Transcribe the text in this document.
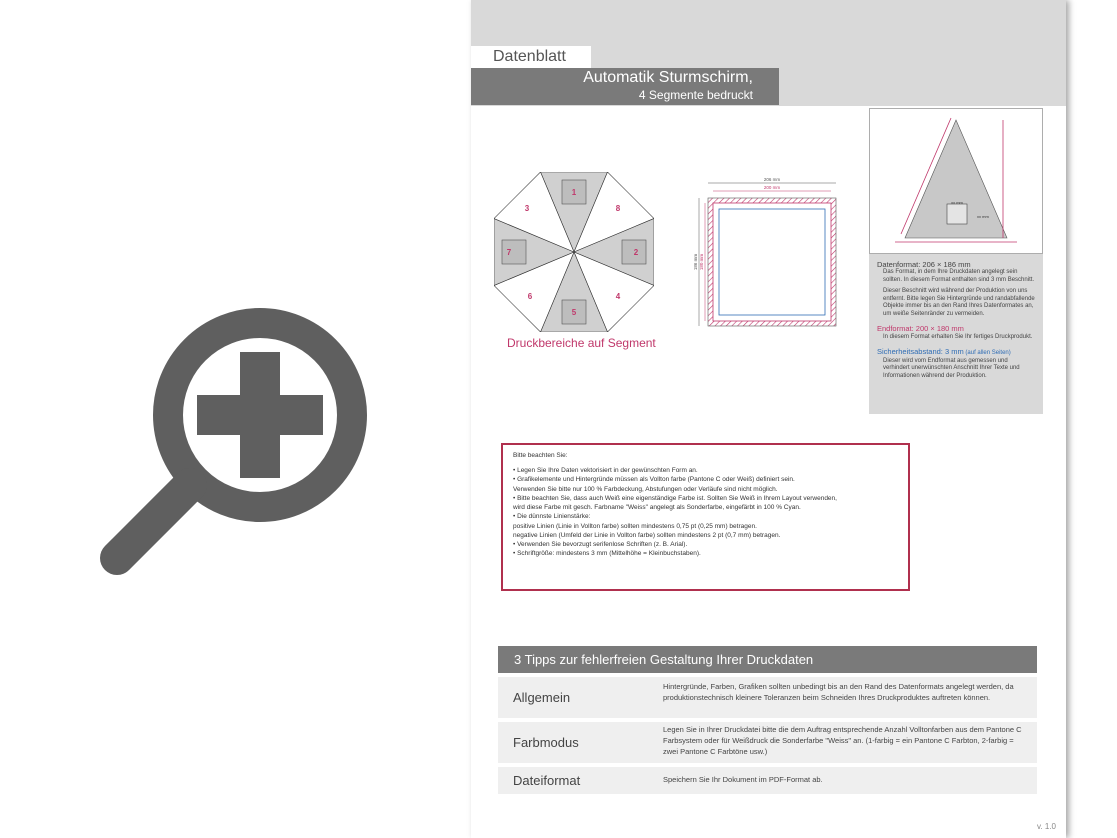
Datenblatt
Automatik Sturmschirm,
4 Segmente bedruckt
1
2
3
4
5
6
7
8
Druckbereiche auf Segment
206 mm
200 mm
186 mm 180 mm
xx mm
xx mm
Datenformat: 206 × 186 mm
Das Format, in dem Ihre Druckdaten angelegt sein sollten. In diesem Format enthalten sind 3 mm Beschnitt.
Dieser Beschnitt wird während der Produktion von uns entfernt. Bitte legen Sie Hintergründe und randabfallende Objekte immer bis an den Rand Ihres Datenformates an, um weiße Seitenränder zu vermeiden.
Endformat: 200 × 180 mm
In diesem Format erhalten Sie Ihr fertiges Druckprodukt.
Sicherheitsabstand: 3 mm (auf allen Seiten)
Dieser wird vom Endformat aus gemessen und verhindert unerwünschten Anschnitt Ihrer Texte und Informationen während der Produktion.

Bitte beachten Sie:

• Legen Sie Ihre Daten vektorisiert in der gewünschten Form an.

• Grafikelemente und Hintergründe müssen als Vollton farbe (Pantone C oder Weiß) definiert sein.

Verwenden Sie bitte nur 100 % Farbdeckung, Abstufungen oder Verläufe sind nicht möglich.

• Bitte beachten Sie, dass auch Weiß eine eigenständige Farbe ist. Sollten Sie Weiß in Ihrem Layout verwenden,

wird diese Farbe mit gesch. Farbname "Weiss" angelegt als Sonderfarbe, eingefärbt in 100 % Cyan.

• Die dünnste Linienstärke:

positive Linien (Linie in Vollton farbe) sollten mindestens 0,75 pt (0,25 mm) betragen.

negative Linien (Umfeld der Linie in Vollton farbe) sollten mindestens 2 pt (0,7 mm) betragen.

• Verwenden Sie bevorzugt serifenlose Schriften (z. B. Arial).

• Schriftgröße: mindestens 3 mm (Mittelhöhe = Kleinbuchstaben).

3 Tipps zur fehlerfreien Gestaltung Ihrer Druckdaten
Allgemein
Hintergründe, Farben, Grafiken sollten unbedingt bis an den Rand des Datenformats angelegt werden, da produktionstechnisch kleinere Toleranzen beim Schneiden Ihres Druckproduktes auftreten können.
Farbmodus
Legen Sie in Ihrer Druckdatei bitte die dem Auftrag entsprechende Anzahl Volltonfarben aus dem Pantone C Farbsystem oder für Weißdruck die Sonderfarbe "Weiss" an. (1-farbig = ein Pantone C Farbton, 2-farbig = zwei Pantone C Farbtöne usw.)
Dateiformat	Speichern Sie Ihr Dokument im PDF-Format ab.
v. 1.0
